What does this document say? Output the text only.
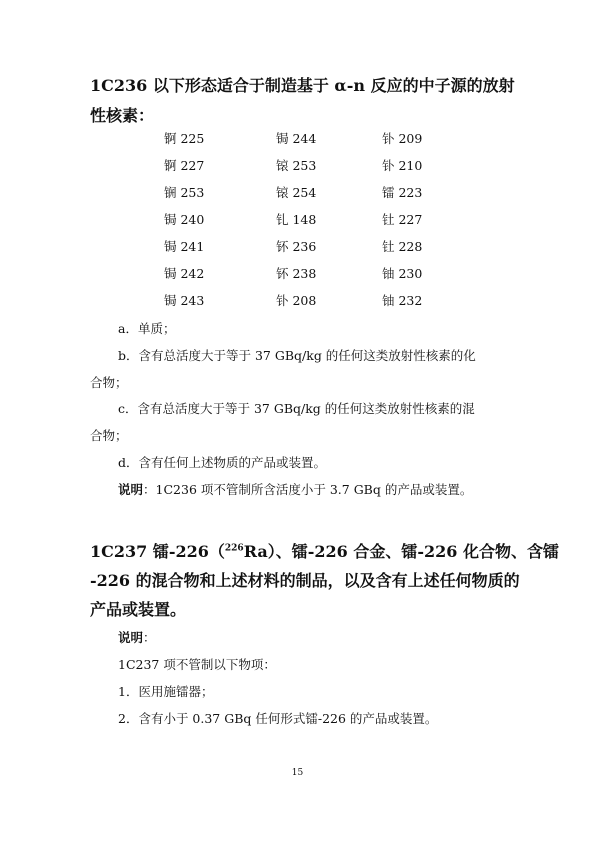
1C236 以下形态适合于制造基于 α-n 反应的中子源的放射
性核素：
锕 225	锔 244	钋 209
锕 227	锿 253	钋 210
锎 253	锿 254	镭 223
锔 240	钆 148	钍 227
锔 241	钚 236	钍 228
锔 242	钚 238	铀 230
锔 243	钋 208	铀 232

a．单质；

b．含有总活度大于等于 37 GBq/kg 的任何这类放射性核素的化

合物；

c．含有总活度大于等于 37 GBq/kg 的任何这类放射性核素的混

合物；

d．含有任何上述物质的产品或装置。

说明：1C236 项不管制所含活度小于 3.7 GBq 的产品或装置。

1C237 镭-226（$^{226}$Ra）、镭-226 合金、镭-226 化合物、含镭
-226 的混合物和上述材料的制品，以及含有上述任何物质的
产品或装置。

说明：

1C237 项不管制以下物项：

1．医用施镭器；

2．含有小于 0.37 GBq 任何形式镭-226 的产品或装置。

15
